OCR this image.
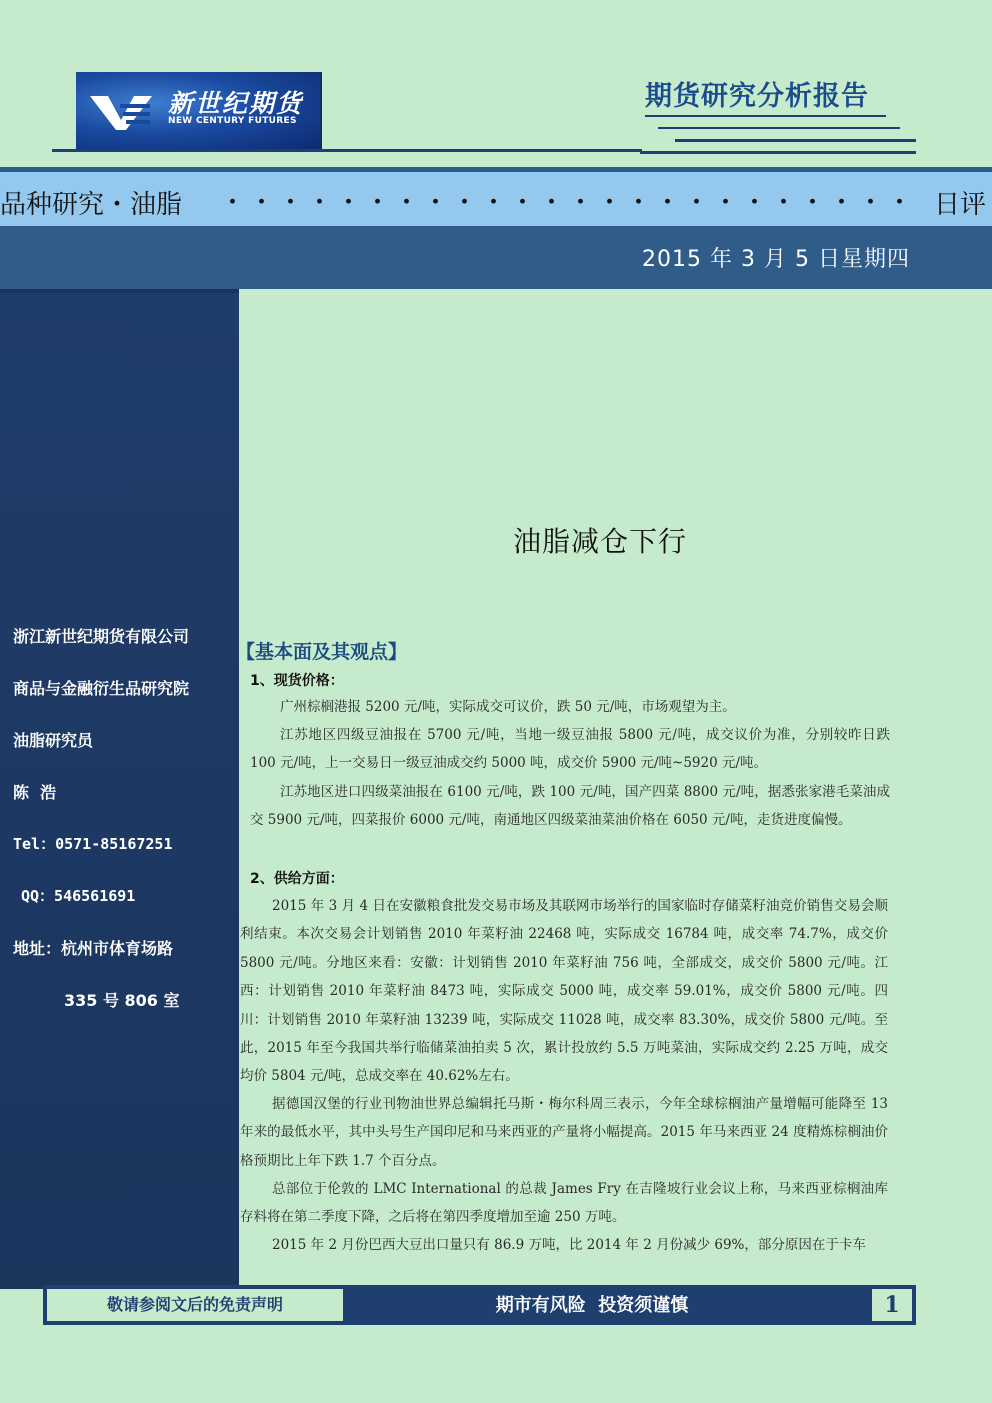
新世纪期货
NEW CENTURY FUTURES
期货研究分析报告
品种研究・油脂	・・・・・・・・・・・・・・・・・・・・・・・・ 日评
2015 年 3 月 5 日星期四
浙江新世纪期货有限公司
商品与金融衍生品研究院
油脂研究员
陈  浩
Tel：0571-85167251
QQ：546561691
地址：杭州市体育场路
335 号 806 室
油脂减仓下行
【基本面及其观点】
1、现货价格：
广州棕榈港报 5200 元/吨，实际成交可议价，跌 50 元/吨，市场观望为主。
江苏地区四级豆油报在 5700 元/吨，当地一级豆油报 5800 元/吨，成交议价为准，分别较昨日跌 100 元/吨，上一交易日一级豆油成交约 5000 吨，成交价 5900 元/吨~5920 元/吨。
江苏地区进口四级菜油报在 6100 元/吨，跌 100 元/吨，国产四菜 8800 元/吨，据悉张家港毛菜油成交 5900 元/吨，四菜报价 6000 元/吨，南通地区四级菜油菜油价格在 6050 元/吨，走货进度偏慢。
2、供给方面：
2015 年 3 月 4 日在安徽粮食批发交易市场及其联网市场举行的国家临时存储菜籽油竞价销售交易会顺利结束。本次交易会计划销售 2010 年菜籽油 22468 吨，实际成交 16784 吨，成交率 74.7%，成交价 5800 元/吨。分地区来看：安徽：计划销售 2010 年菜籽油 756 吨，全部成交，成交价 5800 元/吨。江西：计划销售 2010 年菜籽油 8473 吨，实际成交 5000 吨，成交率 59.01%，成交价 5800 元/吨。四川：计划销售 2010 年菜籽油 13239 吨，实际成交 11028 吨，成交率 83.30%，成交价 5800 元/吨。至此，2015 年至今我国共举行临储菜油拍卖 5 次，累计投放约 5.5 万吨菜油，实际成交约 2.25 万吨，成交均价 5804 元/吨，总成交率在 40.62%左右。
据德国汉堡的行业刊物油世界总编辑托马斯・梅尔科周三表示，今年全球棕榈油产量增幅可能降至 13 年来的最低水平，其中头号生产国印尼和马来西亚的产量将小幅提高。2015 年马来西亚 24 度精炼棕榈油价格预期比上年下跌 1.7 个百分点。
总部位于伦敦的 LMC International 的总裁 James Fry 在吉隆坡行业会议上称，马来西亚棕榈油库存料将在第二季度下降，之后将在第四季度增加至逾 250 万吨。
2015 年 2 月份巴西大豆出口量只有 86.9 万吨，比 2014 年 2 月份减少 69%，部分原因在于卡车
敬请参阅文后的免责声明	期市有风险  投资须谨慎	1
